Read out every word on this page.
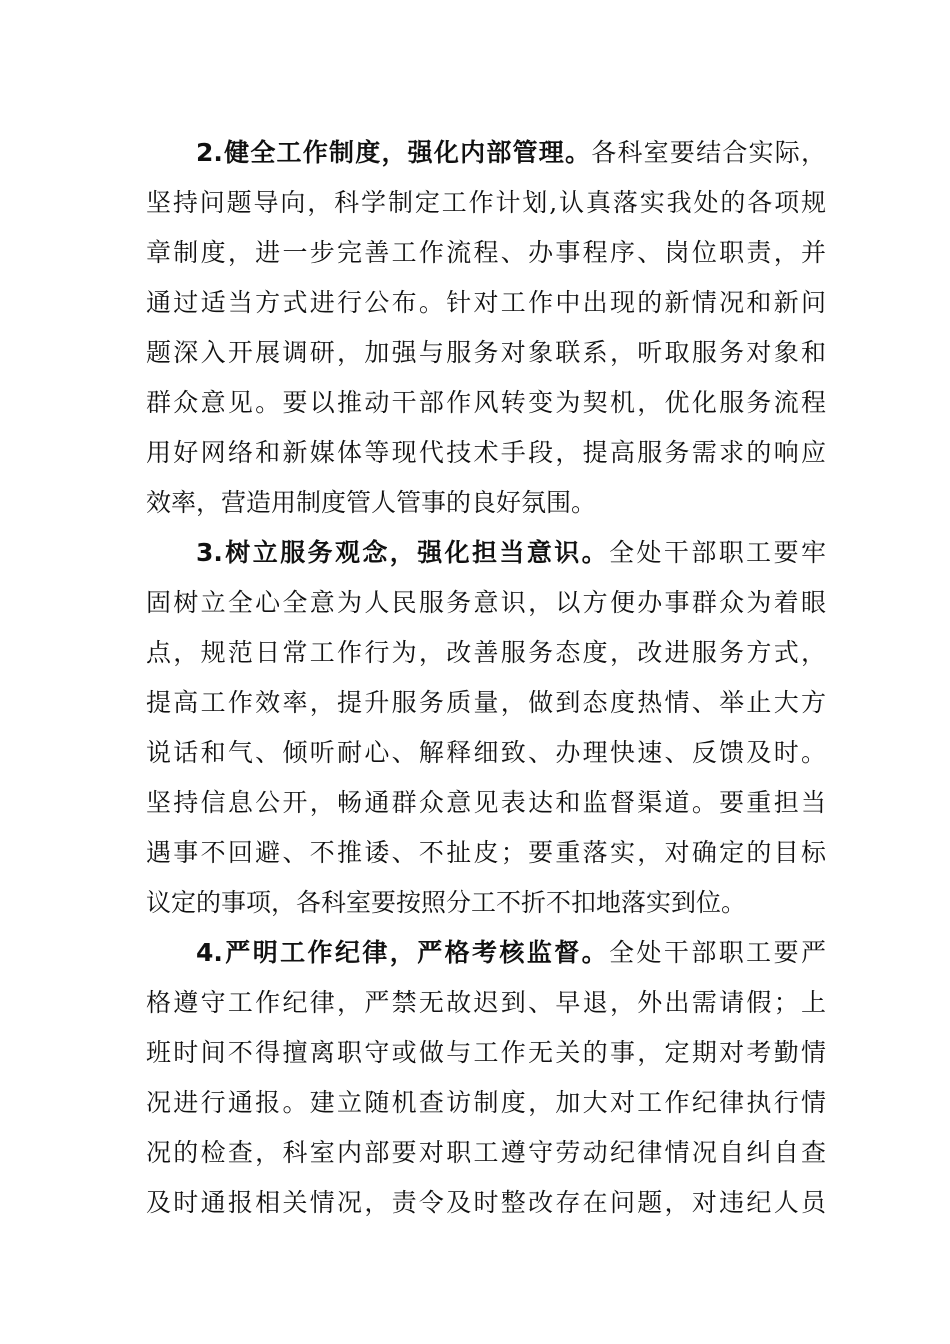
2.健全工作制度，强化内部管理。各科室要结合实际，
坚持问题导向，科学制定工作计划,认真落实我处的各项规
章制度，进一步完善工作流程、办事程序、岗位职责，并
通过适当方式进行公布。针对工作中出现的新情况和新问
题深入开展调研，加强与服务对象联系，听取服务对象和
群众意见。要以推动干部作风转变为契机，优化服务流程
用好网络和新媒体等现代技术手段，提高服务需求的响应
效率，营造用制度管人管事的良好氛围。
3.树立服务观念，强化担当意识。全处干部职工要牢
固树立全心全意为人民服务意识，以方便办事群众为着眼
点，规范日常工作行为，改善服务态度，改进服务方式，
提高工作效率，提升服务质量，做到态度热情、举止大方
说话和气、倾听耐心、解释细致、办理快速、反馈及时。
坚持信息公开，畅通群众意见表达和监督渠道。要重担当
遇事不回避、不推诿、不扯皮；要重落实，对确定的目标
议定的事项，各科室要按照分工不折不扣地落实到位。
4.严明工作纪律，严格考核监督。全处干部职工要严
格遵守工作纪律，严禁无故迟到、早退，外出需请假；上
班时间不得擅离职守或做与工作无关的事，定期对考勤情
况进行通报。建立随机查访制度，加大对工作纪律执行情
况的检查，科室内部要对职工遵守劳动纪律情况自纠自查
及时通报相关情况，责令及时整改存在问题，对违纪人员
